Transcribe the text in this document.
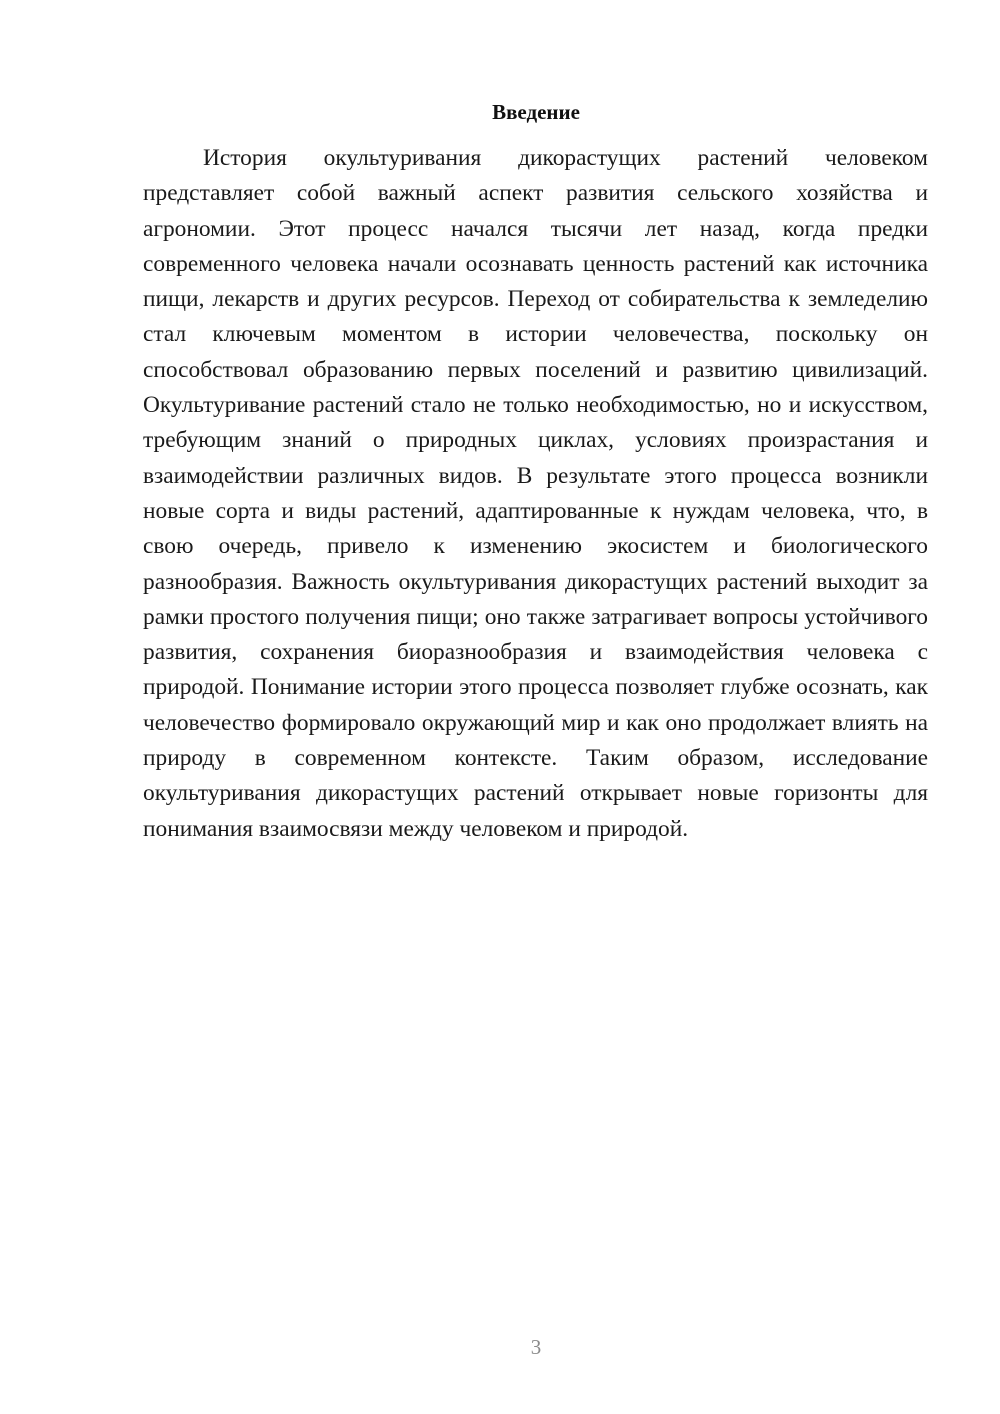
Введение

История окультуривания дикорастущих растений человеком представляет собой важный аспект развития сельского хозяйства и агрономии. Этот процесс начался тысячи лет назад, когда предки современного человека начали осознавать ценность растений как источника пищи, лекарств и других ресурсов. Переход от собирательства к земледелию стал ключевым моментом в истории человечества, поскольку он способствовал образованию первых поселений и развитию цивилизаций. Окультуривание растений стало не только необходимостью, но и искусством, требующим знаний о природных циклах, условиях произрастания и взаимодействии различных видов. В результате этого процесса возникли новые сорта и виды растений, адаптированные к нуждам человека, что, в свою очередь, привело к изменению экосистем и биологического разнообразия. Важность окультуривания дикорастущих растений выходит за рамки простого получения пищи; оно также затрагивает вопросы устойчивого развития, сохранения биоразнообразия и взаимодействия человека с природой. Понимание истории этого процесса позволяет глубже осознать, как человечество формировало окружающий мир и как оно продолжает влиять на природу в современном контексте. Таким образом, исследование окультуривания дикорастущих растений открывает новые горизонты для понимания взаимосвязи между человеком и природой.

3
